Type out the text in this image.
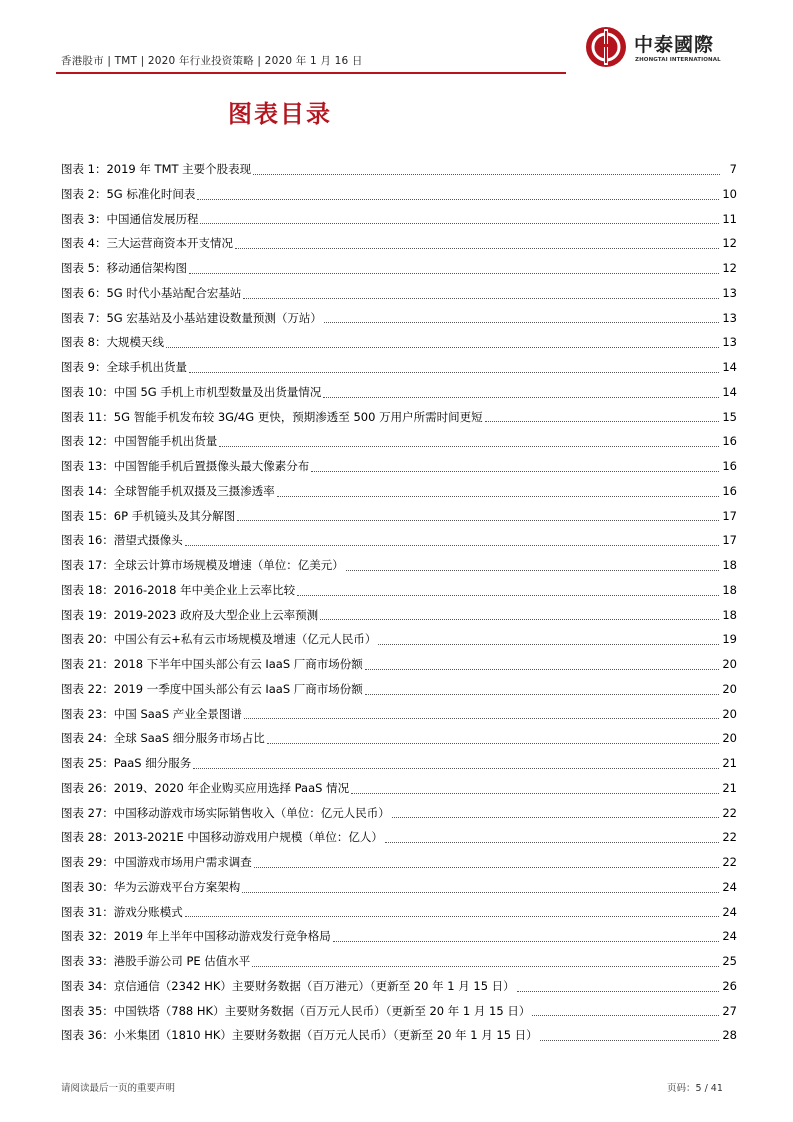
香港股市 | TMT | 2020 年行业投资策略 | 2020 年 1 月 16 日
中泰國際
ZHONGTAI INTERNATIONAL
图表目录
图表 1：2019 年 TMT 主要个股表现	7
图表 2：5G 标准化时间表	10
图表 3：中国通信发展历程	11
图表 4：三大运营商资本开支情况	12
图表 5：移动通信架构图	12
图表 6：5G 时代小基站配合宏基站	13
图表 7：5G 宏基站及小基站建设数量预测（万站）	13
图表 8：大规模天线	13
图表 9：全球手机出货量	14
图表 10：中国 5G 手机上市机型数量及出货量情况	14
图表 11：5G 智能手机发布较 3G/4G 更快，预期渗透至 500 万用户所需时间更短	15
图表 12：中国智能手机出货量	16
图表 13：中国智能手机后置摄像头最大像素分布	16
图表 14：全球智能手机双摄及三摄渗透率	16
图表 15：6P 手机镜头及其分解图	17
图表 16：潜望式摄像头	17
图表 17：全球云计算市场规模及增速（单位：亿美元）	18
图表 18：2016-2018 年中美企业上云率比较	18
图表 19：2019-2023 政府及大型企业上云率预测	18
图表 20：中国公有云+私有云市场规模及增速（亿元人民币）	19
图表 21：2018 下半年中国头部公有云 IaaS 厂商市场份额	20
图表 22：2019 一季度中国头部公有云 IaaS 厂商市场份额	20
图表 23：中国 SaaS 产业全景图谱	20
图表 24：全球 SaaS 细分服务市场占比	20
图表 25：PaaS 细分服务	21
图表 26：2019、2020 年企业购买应用选择 PaaS 情况	21
图表 27：中国移动游戏市场实际销售收入（单位：亿元人民币）	22
图表 28：2013-2021E 中国移动游戏用户规模（单位：亿人）	22
图表 29：中国游戏市场用户需求调查	22
图表 30：华为云游戏平台方案架构	24
图表 31：游戏分账模式	24
图表 32：2019 年上半年中国移动游戏发行竞争格局	24
图表 33：港股手游公司 PE 估值水平	25
图表 34：京信通信（2342 HK）主要财务数据（百万港元）（更新至 20 年 1 月 15 日）	26
图表 35：中国铁塔（788 HK）主要财务数据（百万元人民币）（更新至 20 年 1 月 15 日）	27
图表 36：小米集团（1810 HK）主要财务数据（百万元人民币）（更新至 20 年 1 月 15 日）	28
请阅读最后一页的重要声明	页码：5 / 41
